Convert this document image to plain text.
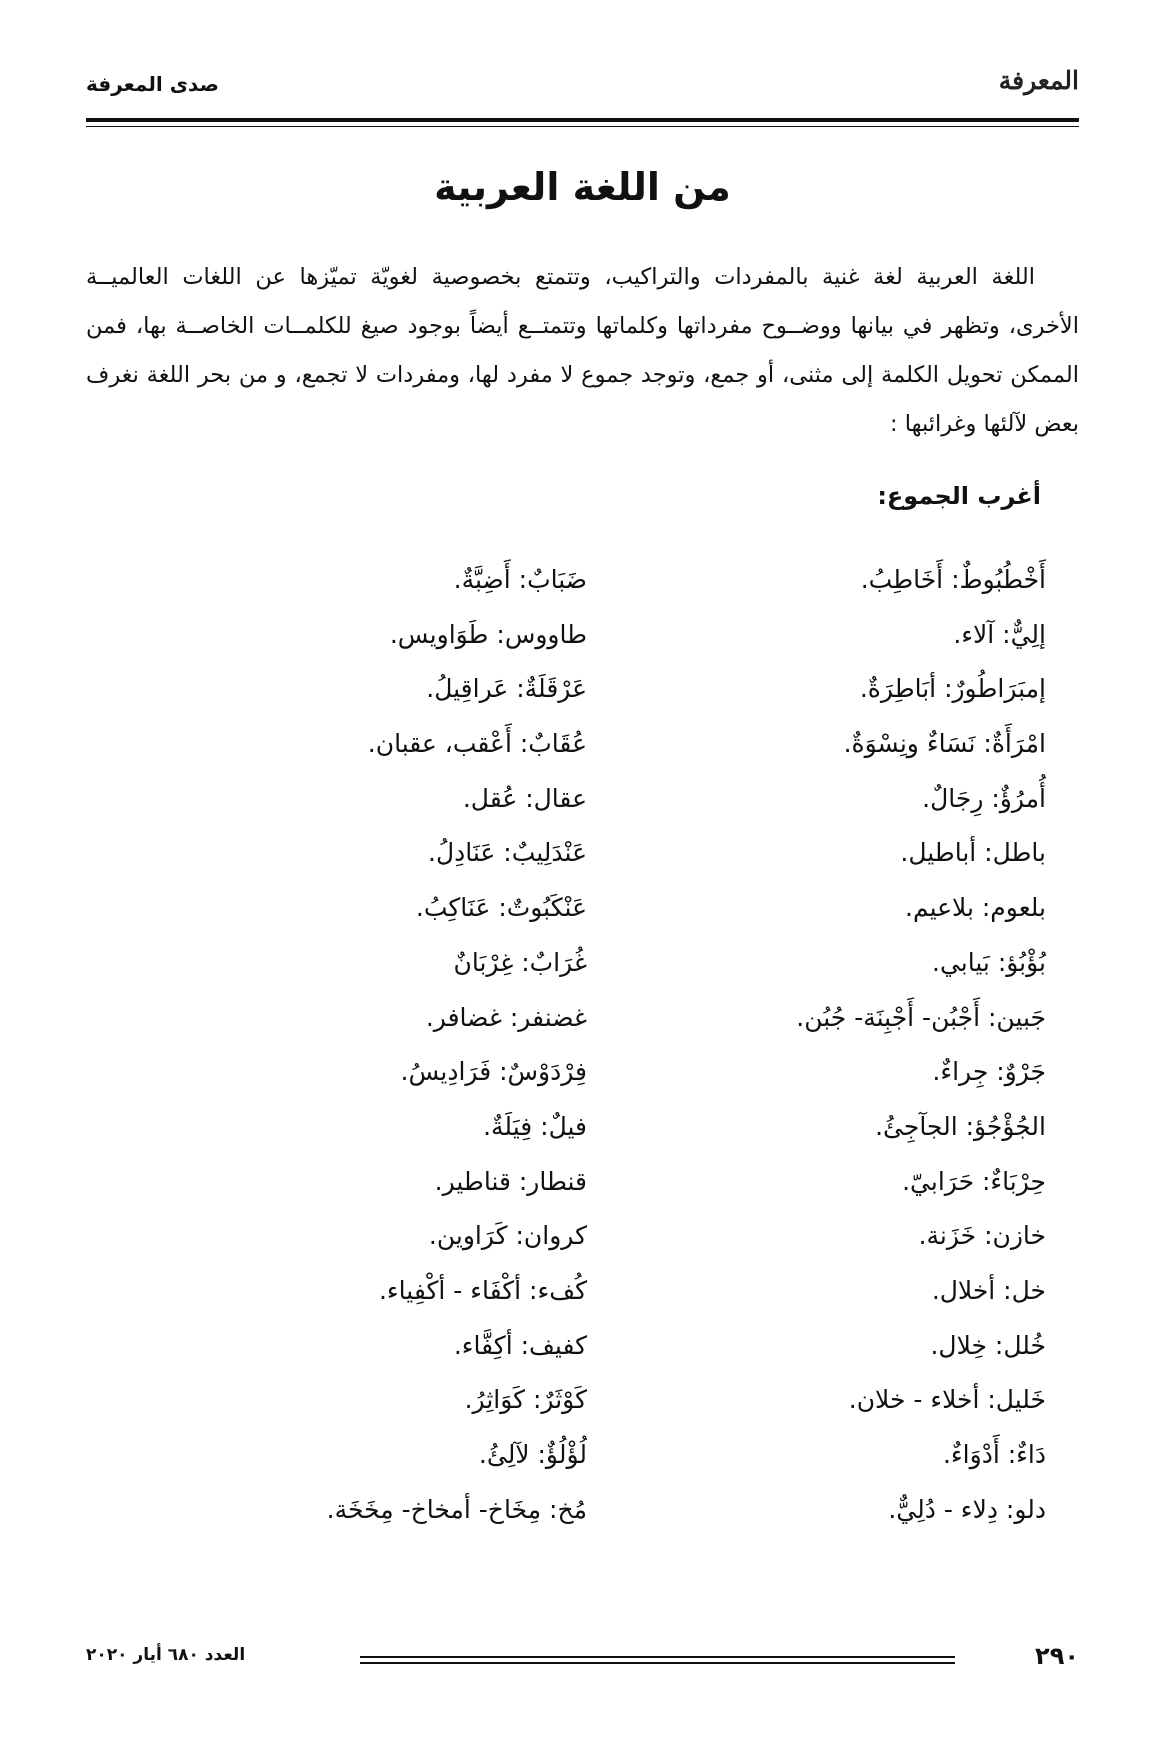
المعرفة
صدى المعرفة
من اللغة العربية

اللغة العربية لغة غنية بالمفردات والتراكيب، وتتمتع بخصوصية لغويّة تميّزها عن اللغات العالميــة الأخرى، وتظهر في بيانها ووضــوح مفرداتها وكلماتها وتتمتــع أيضاً بوجود صيغ للكلمــات الخاصــة بها، فمن الممكن تحويل الكلمة إلى مثنى، أو جمع، وتوجد جموع لا مفرد لها، ومفردات لا تجمع، و من بحر اللغة نغرف بعض لآلئها وغرائبها :

أغرب الجموع:
أَخْطُبُوطٌ: أَخَاطِبُ.
إلِيٌّ: آلاء.
إمبَرَاطُورٌ: أبَاطِرَةٌ.
امْرَأَةٌ: نَسَاءٌ ونِسْوَةٌ.
أُمرُؤٌ: رِجَالٌ.
باطل: أباطيل.
بلعوم: بلاعيم.
بُؤْبُؤ: بَيابي.
جَبين: أَجْبُن- أَجْبِنَة- جُبُن.
جَرْوٌ: جِراءٌ.
الجُؤْجُؤ: الجآجِئُ.
حِرْبَاءٌ: حَرَابيّ.
خازن: خَزَنة.
خل: أخلال.
خُلل: خِلال.
خَليل: أخلاء - خلان.
دَاءٌ: أَدْوَاءٌ.
دلو: دِلاء - دُلِيٌّ.
ضَبَابٌ: أَضِبَّةٌ.
طاووس: طَوَاويس.
عَرْقَلَةٌ: عَراقِيلُ.
عُقَابٌ: أَعْقب، عقبان.
عقال: عُقل.
عَنْدَلِيبٌ: عَنَادِلُ.
عَنْكَبُوتٌ: عَنَاكِبُ.
غُرَابٌ: غِرْبَانٌ
غضنفر: غضافر.
فِرْدَوْسٌ: فَرَادِيسُ.
فيلٌ: فِيَلَةٌ.
قنطار: قناطير.
كروان: كَرَاوين.
كُفء: أكْفَاء - أكْفِياء.
كفيف: أكِفَّاء.
كَوْثَرٌ: كَوَاثِرُ.
لُؤْلُؤٌ: لآلِئُ.
مُخ: مِخَاخ- أمخاخ- مِخَخَة.
٢٩٠
العدد ٦٨٠ أيار ٢٠٢٠
